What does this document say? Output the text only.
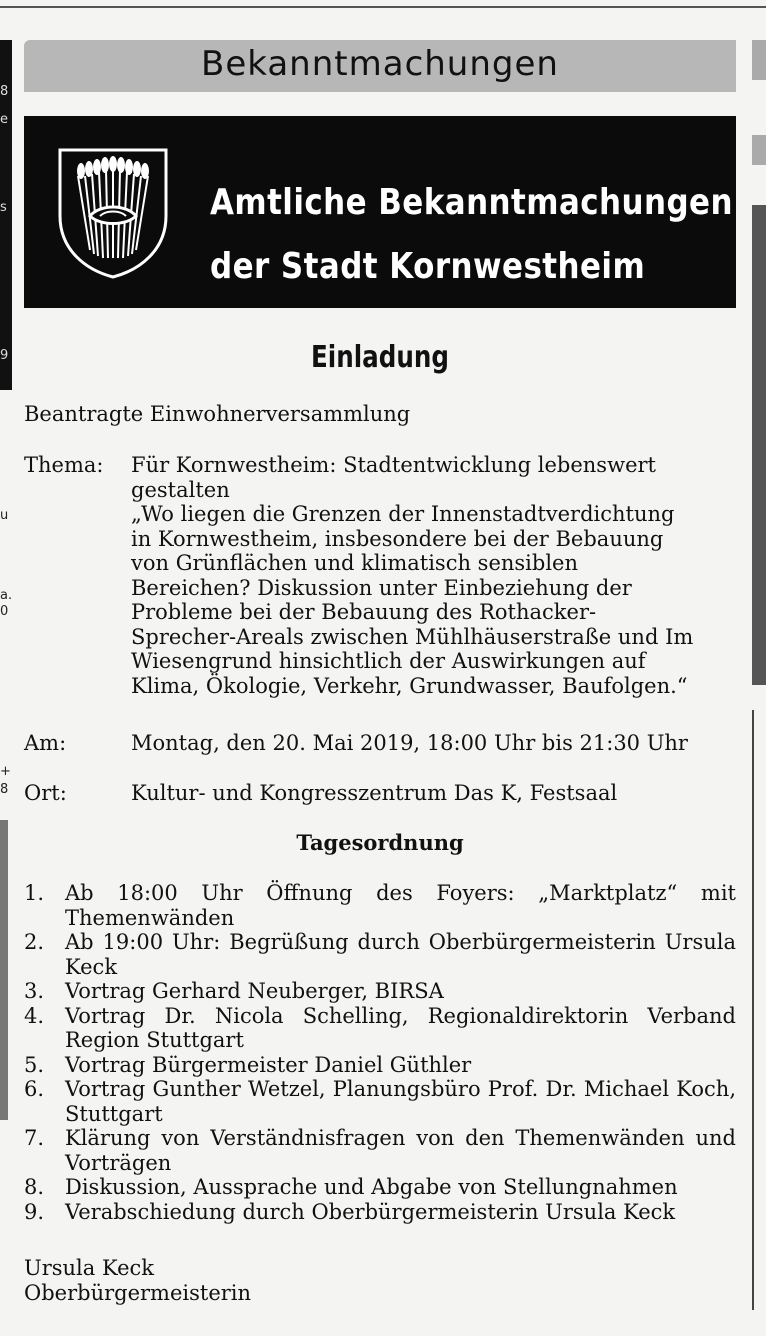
8
e
s
9
u
a.
0
+
8
Bekanntmachungen
Amtliche Bekanntmachungen
der Stadt Kornwestheim
Einladung
Beantragte Einwohnerversammlung
Thema: Für Kornwestheim: Stadtentwicklung lebenswert
gestalten
„Wo liegen die Grenzen der Innenstadtverdichtung
in Kornwestheim, insbesondere bei der Bebauung
von Grünflächen und klimatisch sensiblen
Bereichen? Diskussion unter Einbeziehung der
Probleme bei der Bebauung des Rothacker-
Sprecher-Areals zwischen Mühlhäuserstraße und Im
Wiesengrund hinsichtlich der Auswirkungen auf
Klima, Ökologie, Verkehr, Grundwasser, Baufolgen.“
Am:	Montag, den 20. Mai 2019, 18:00 Uhr bis 21:30 Uhr
Ort:	Kultur- und Kongresszentrum Das K, Festsaal
Tagesordnung
1. Ab 18:00 Uhr Öffnung des Foyers: „Marktplatz“ mit Themenwänden
2. Ab 19:00 Uhr: Begrüßung durch Oberbürgermeisterin Ursula Keck
3. Vortrag Gerhard Neuberger, BIRSA
4. Vortrag Dr. Nicola Schelling, Regionaldirektorin Verband Region Stuttgart
5. Vortrag Bürgermeister Daniel Güthler
6. Vortrag Gunther Wetzel, Planungsbüro Prof. Dr. Michael Koch, Stuttgart
7. Klärung von Verständnisfragen von den Themenwänden und Vorträgen
8. Diskussion, Aussprache und Abgabe von Stellungnahmen
9. Verabschiedung durch Oberbürgermeisterin Ursula Keck
Ursula Keck
Oberbürgermeisterin
